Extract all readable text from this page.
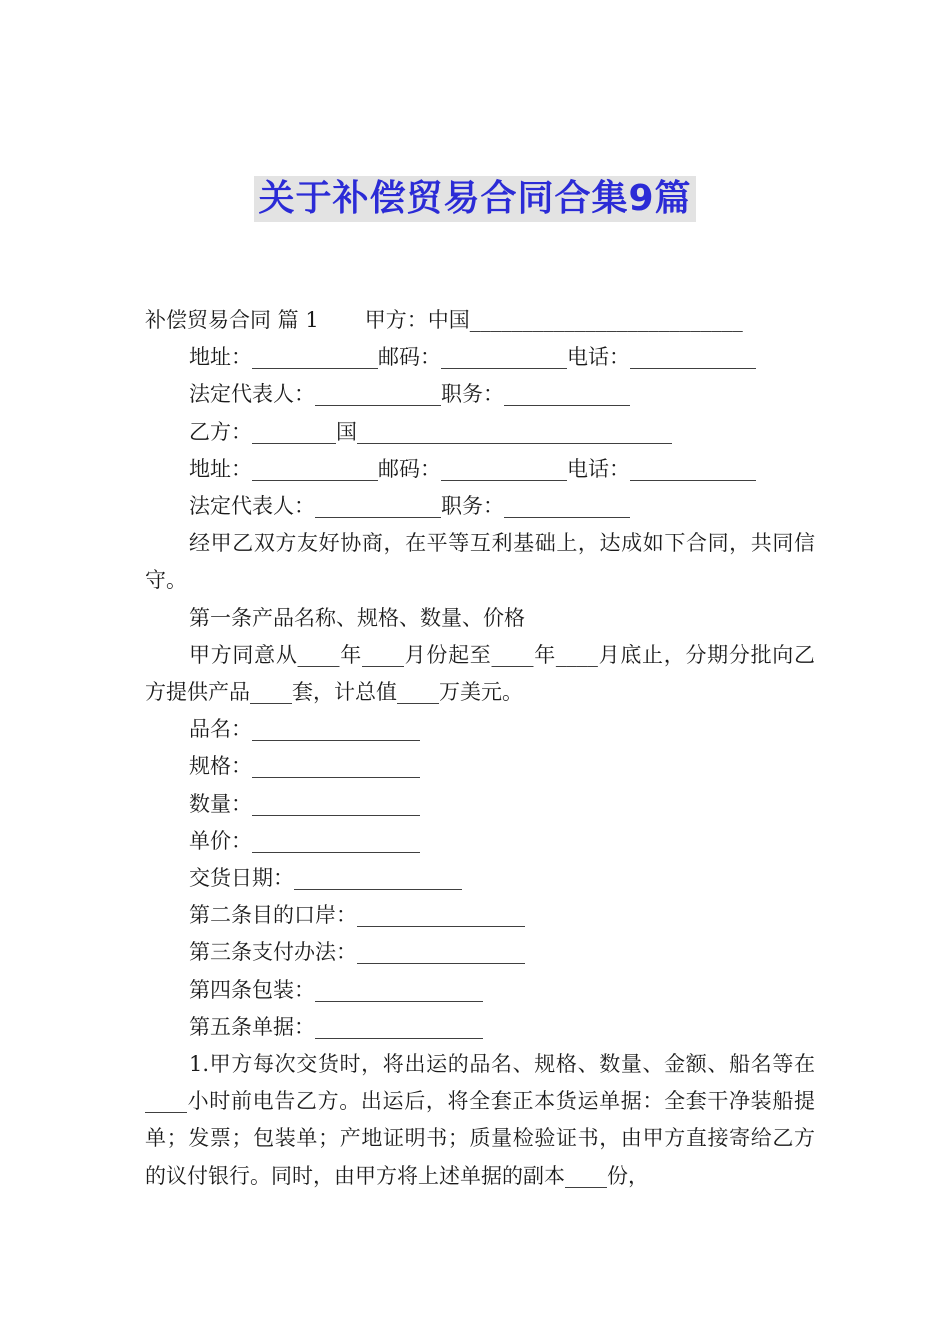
关于补偿贸易合同合集9篇

补偿贸易合同 篇 1 甲方：中国__________________________

地址：____________邮码：____________电话：____________

法定代表人：____________职务：____________

乙方：________国______________________________

地址：____________邮码：____________电话：____________

法定代表人：____________职务：____________

经甲乙双方友好协商，在平等互利基础上，达成如下合同，共同信守。

第一条产品名称、规格、数量、价格

甲方同意从____年____月份起至____年____月底止，分期分批向乙方提供产品____套，计总值____万美元。

品名：________________

规格：________________

数量：________________

单价：________________

交货日期：________________

第二条目的口岸：________________

第三条支付办法：________________

第四条包装：________________

第五条单据：________________

1.甲方每次交货时，将出运的品名、规格、数量、金额、船名等在____小时前电告乙方。出运后，将全套正本货运单据：全套干净装船提单；发票；包装单；产地证明书；质量检验证书，由甲方直接寄给乙方的议付银行。同时，由甲方将上述单据的副本____份，
